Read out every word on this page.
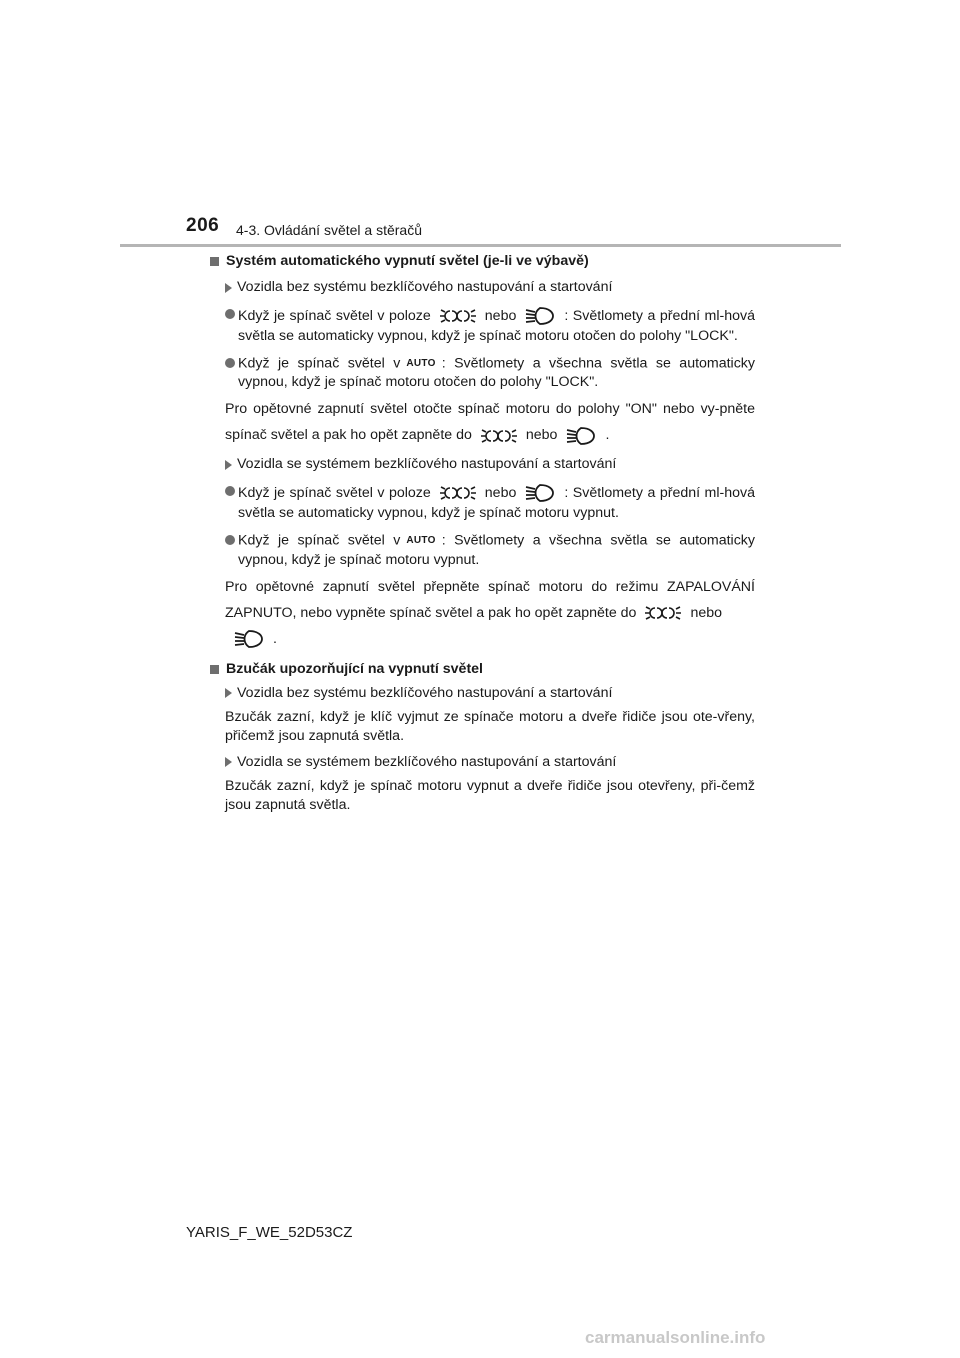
206 4-3. Ovládání světel a stěračů
Systém automatického vypnutí světel (je-li ve výbavě)
Vozidla bez systému bezklíčového nastupování a startování
Když je spínač světel v poloze	nebo	: Světlomety a přední ml-hová světla se automaticky vypnou, když je spínač motoru otočen do polohy "LOCK".
Když je spínač světel v AUTO : Světlomety a všechna světla se automaticky vypnou, když je spínač motoru otočen do polohy "LOCK".
Pro opětovné zapnutí světel otočte spínač motoru do polohy "ON" nebo vy-pněte spínač světel a pak ho opět zapněte do	nebo	.
Vozidla se systémem bezklíčového nastupování a startování
Když je spínač světel v poloze	nebo	: Světlomety a přední ml-hová světla se automaticky vypnou, když je spínač motoru vypnut.
Když je spínač světel v AUTO : Světlomety a všechna světla se automaticky vypnou, když je spínač motoru vypnut.
Pro opětovné zapnutí světel přepněte spínač motoru do režimu ZAPALOVÁNÍ ZAPNUTO, nebo vypněte spínač světel a pak ho opět zapněte do	nebo
.
Bzučák upozorňující na vypnutí světel
Vozidla bez systému bezklíčového nastupování a startování
Bzučák zazní, když je klíč vyjmut ze spínače motoru a dveře řidiče jsou ote-vřeny, přičemž jsou zapnutá světla.
Vozidla se systémem bezklíčového nastupování a startování
Bzučák zazní, když je spínač motoru vypnut a dveře řidiče jsou otevřeny, při-čemž jsou zapnutá světla.
YARIS_F_WE_52D53CZ
carmanualsonline.info
